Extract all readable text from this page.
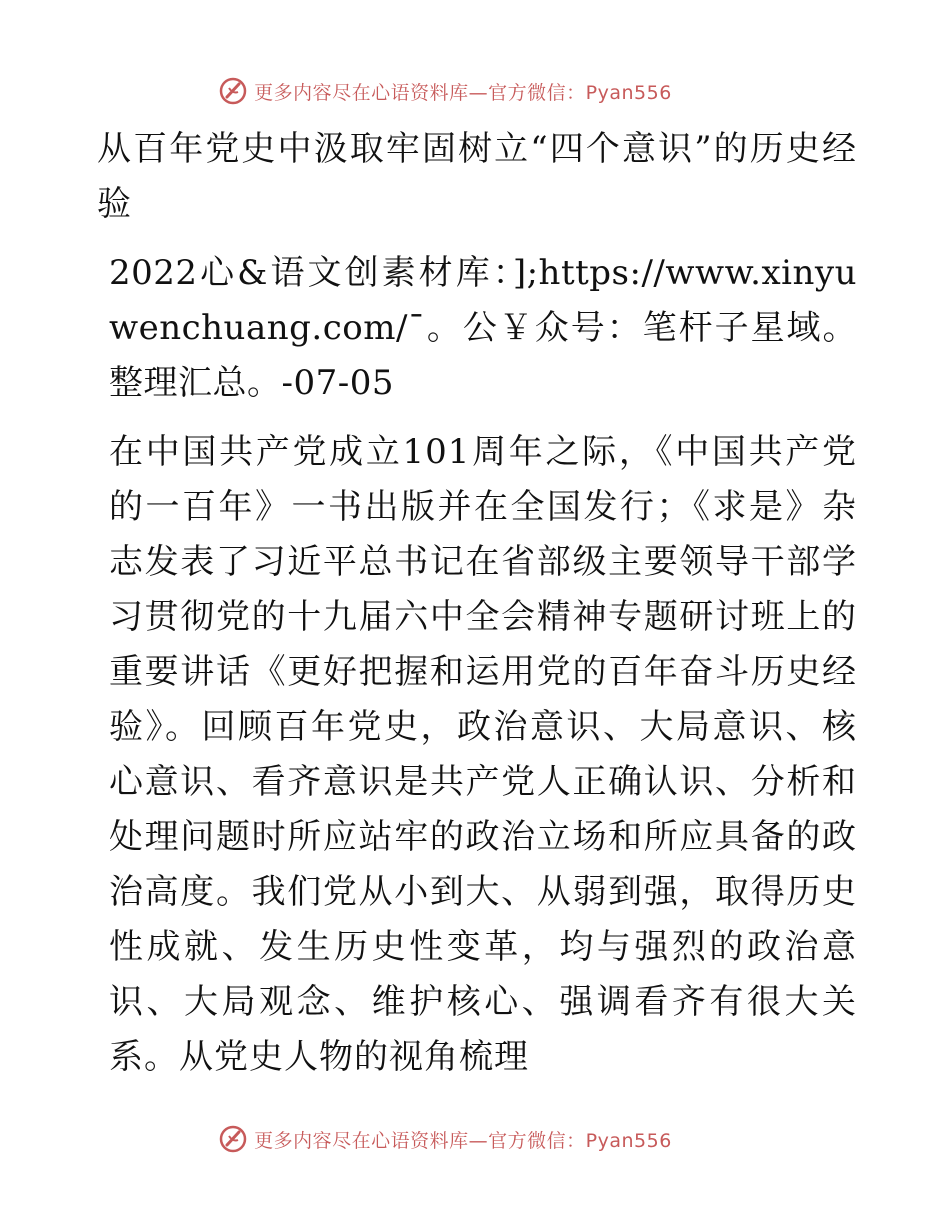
更多内容尽在心语资料库—官方微信：Pyan556

从百年党史中汲取牢固树立“四个意识”的历史经验

2022心&语文创素材库：];https://www.xinyuwenchuang.com/¯。公￥众号：笔杆子星域。整理汇总。-07-05

在中国共产党成立101周年之际，《中国共产党的一百年》一书出版并在全国发行；《求是》杂志发表了习近平总书记在省部级主要领导干部学习贯彻党的十九届六中全会精神专题研讨班上的重要讲话《更好把握和运用党的百年奋斗历史经验》。回顾百年党史，政治意识、大局意识、核心意识、看齐意识是共产党人正确认识、分析和处理问题时所应站牢的政治立场和所应具备的政治高度。我们党从小到大、从弱到强，取得历史性成就、发生历史性变革，均与强烈的政治意识、大局观念、维护核心、强调看齐有很大关系。从党史人物的视角梳理

更多内容尽在心语资料库—官方微信：Pyan556
